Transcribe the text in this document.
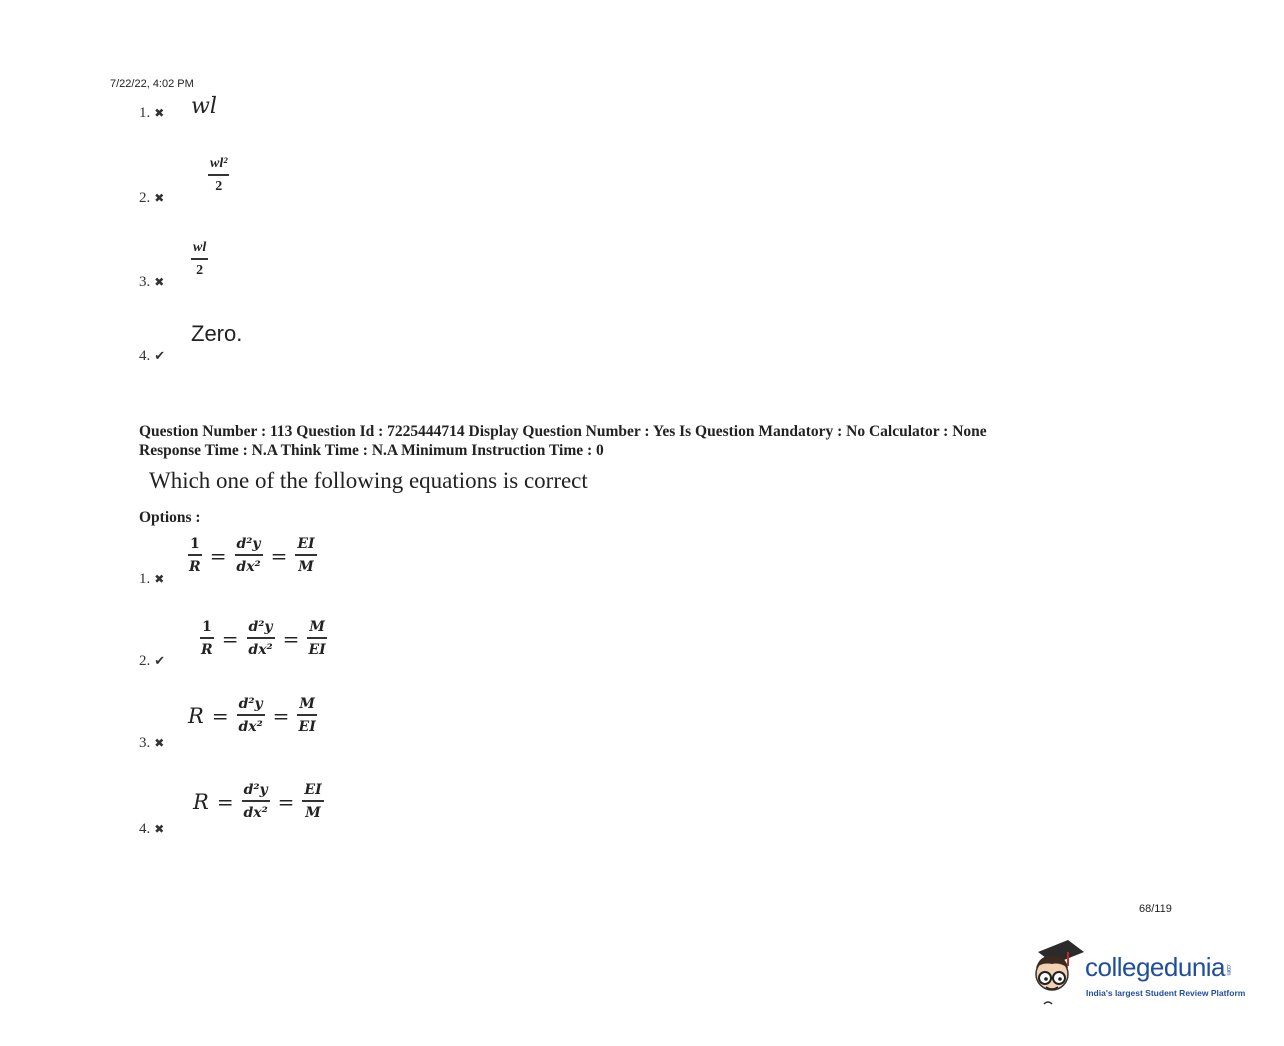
7/22/22, 4:02 PM
1. ✖ wl
2. ✖
$\frac{\text{wl²}}{2}$
3. ✖
$\frac{wl}{2}$
4. ✔
Zero.
Question Number : 113 Question Id : 7225444714 Display Question Number : Yes Is Question Mandatory : No Calculator : None
Response Time : N.A Think Time : N.A Minimum Instruction Time : 0
Which one of the following equations is correct
Options :
1. ✖
$\frac{1}{R} = \frac{\text{d²y}}{\text{dx²}} = \frac{EI}{M}$
2. ✔
$\frac{1}{R} = \frac{\text{d²y}}{\text{dx²}} = \frac{M}{EI}$
3. ✖
$R = \frac{\text{d²y}}{\text{dx²}} = \frac{M}{EI}$
4. ✖
$R = \frac{\text{d²y}}{\text{dx²}} = \frac{EI}{M}$
68/119
collegedunia.com
India's largest Student Review Platform
